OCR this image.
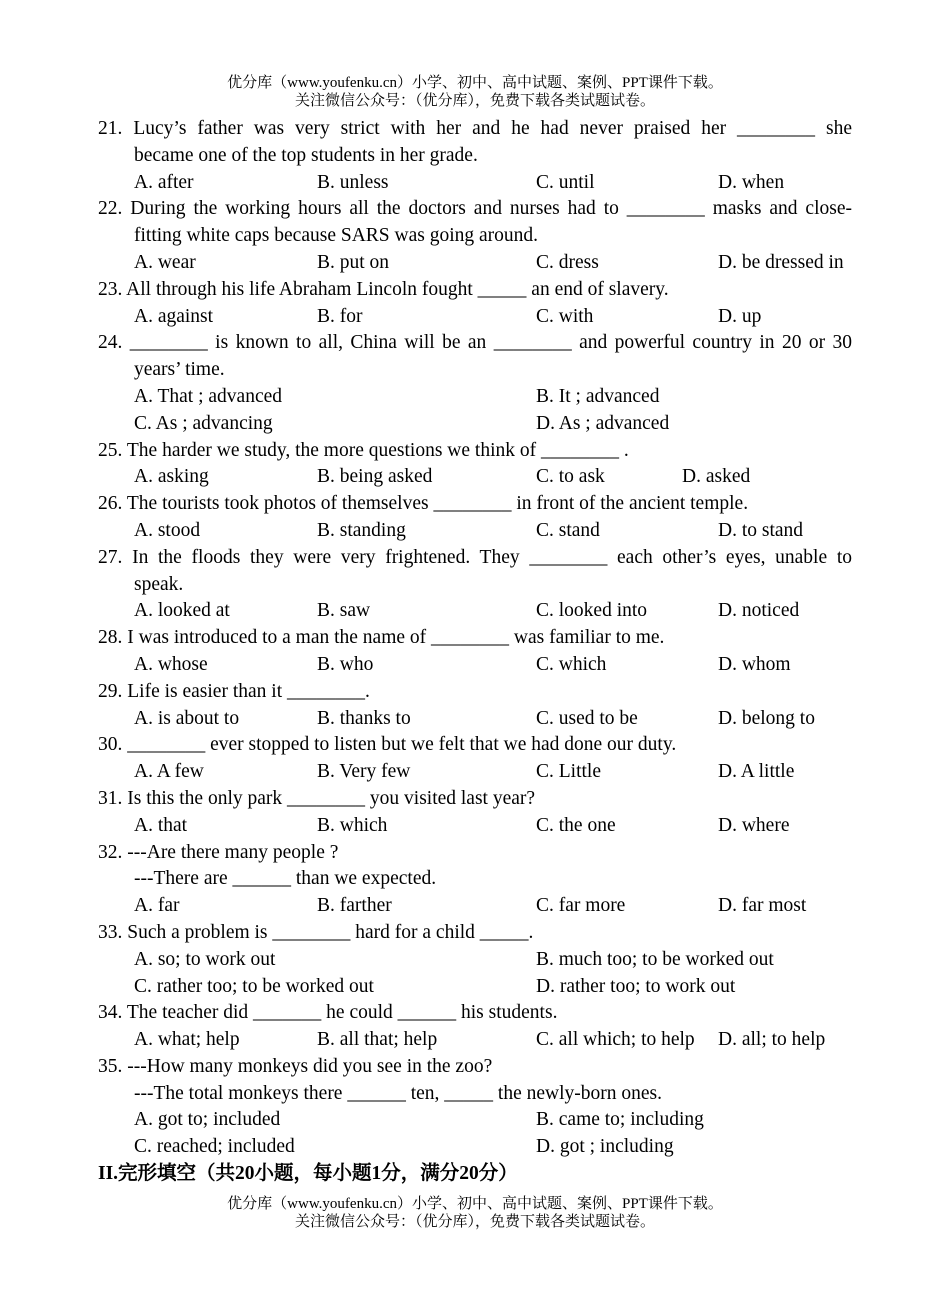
优分库（www.youfenku.cn）小学、初中、高中试题、案例、PPT课件下载。
关注微信公众号：（优分库），免费下载各类试题试卷。
21. Lucy’s father was very strict with her and he had never praised her ________ she
became one of the top students in her grade.
A. after	B. unless	C. until	D. when
22. During the working hours all the doctors and nurses had to ________ masks and close-
fitting white caps because SARS was going around.
A. wear	B. put on	C. dress	D. be dressed in
23. All through his life Abraham Lincoln fought _____ an end of slavery.
A. against	B. for	C. with	D. up
24. ________ is known to all, China will be an ________ and powerful country in 20 or 30
years’ time.
A. That ; advanced	B. It ; advanced
C. As ; advancing	D. As ; advanced
25. The harder we study, the more questions we think of ________ .
A. asking	B. being asked	C. to ask	D. asked
26. The tourists took photos of themselves ________ in front of the ancient temple.
A. stood	B. standing	C. stand	D. to stand
27. In the floods they were very frightened. They ________ each other’s eyes, unable to
speak.
A. looked at	B. saw	C. looked into	D. noticed
28. I was introduced to a man the name of ________ was familiar to me.
A. whose	B. who	C. which	D. whom
29. Life is easier than it ________.
A. is about to	B. thanks to	C. used to be	D. belong to
30. ________ ever stopped to listen but we felt that we had done our duty.
A. A few	B. Very few	C. Little	D. A little
31. Is this the only park ________ you visited last year?
A. that	B. which	C. the one	D. where
32. ---Are there many people ?
---There are ______ than we expected.
A. far	B. farther	C. far more	D. far most
33. Such a problem is ________ hard for a child _____.
A. so; to work out	B. much too; to be worked out
C. rather too; to be worked out	D. rather too; to work out
34. The teacher did _______ he could ______ his students.
A. what; help	B. all that; help	C. all which; to help D. all; to help
35. ---How many monkeys did you see in the zoo?
---The total monkeys there ______ ten, _____ the newly-born ones.
A. got to; included	B. came to; including
C. reached; included	D. got ; including
II.完形填空（共20小题，每小题1分，满分20分）
优分库（www.youfenku.cn）小学、初中、高中试题、案例、PPT课件下载。
关注微信公众号：（优分库），免费下载各类试题试卷。
